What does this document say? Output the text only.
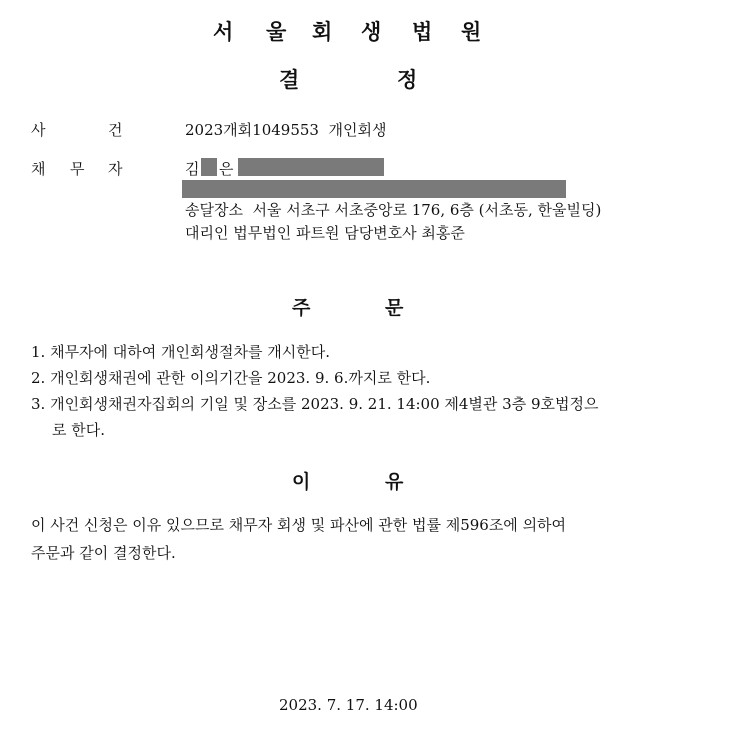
서 울 회 생 법 원
결	정
사	건	2023개회1049553  개인회생
채 무 자	김 은
송달장소  서울 서초구 서초중앙로 176, 6층 (서초동, 한울빌딩)
대리인 법무법인 파트원 담당변호사 최홍준
주	문
1. 채무자에 대하여 개인회생절차를 개시한다.
2. 개인회생채권에 관한 이의기간을 2023. 9. 6.까지로 한다.
3. 개인회생채권자집회의 기일 및 장소를 2023. 9. 21. 14:00 제4별관 3층 9호법정으
로 한다.
이	유
이 사건 신청은 이유 있으므로 채무자 회생 및 파산에 관한 법률 제596조에 의하여
주문과 같이 결정한다.
2023. 7. 17. 14:00
